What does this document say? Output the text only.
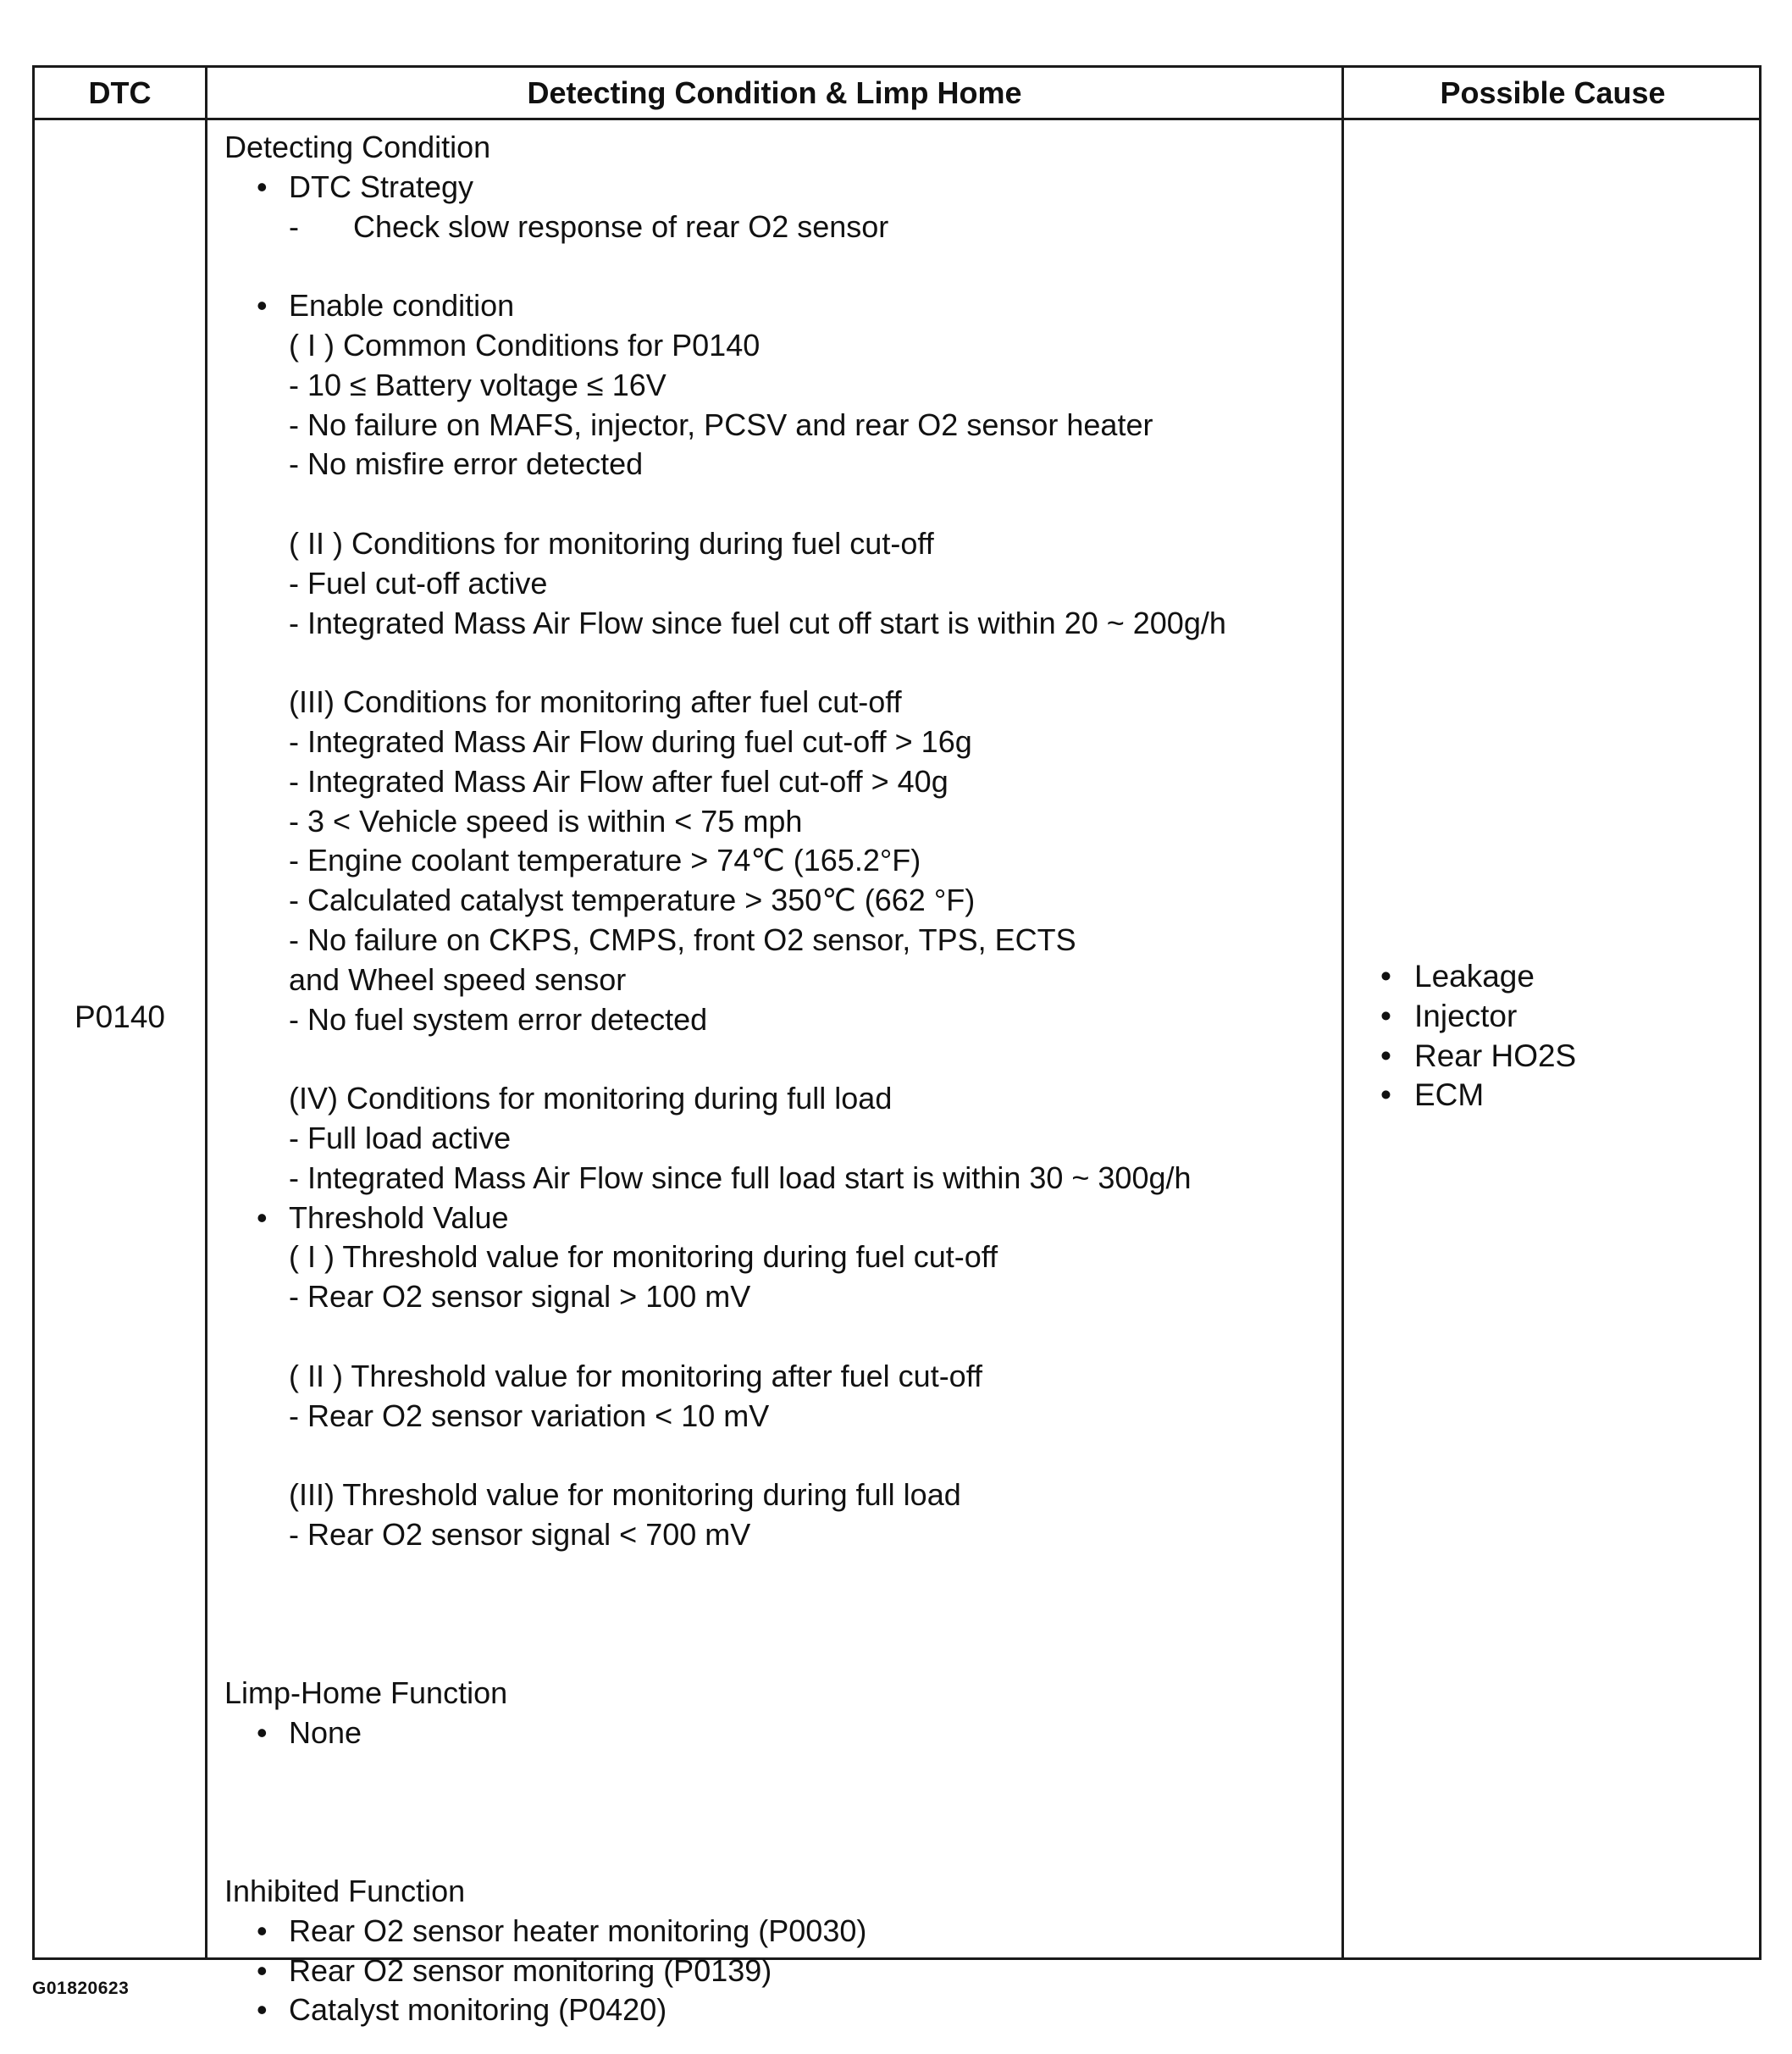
DTC	Detecting Condition & Limp Home	Possible Cause
P0140
Detecting Condition
• DTC Strategy
- Check slow response of rear O2 sensor
• Enable condition
( I ) Common Conditions for P0140
- 10 ≤ Battery voltage ≤ 16V
- No failure on MAFS, injector, PCSV and rear O2 sensor heater
- No misfire error detected
( II ) Conditions for monitoring during fuel cut-off
- Fuel cut-off active
- Integrated Mass Air Flow since fuel cut off start is within 20 ~ 200g/h
(III) Conditions for monitoring after fuel cut-off
- Integrated Mass Air Flow during fuel cut-off > 16g
- Integrated Mass Air Flow after fuel cut-off > 40g
- 3 < Vehicle speed is within < 75 mph
- Engine coolant temperature > 74℃ (165.2°F)
- Calculated catalyst temperature > 350℃ (662 °F)
- No failure on CKPS, CMPS, front O2 sensor, TPS, ECTS
and Wheel speed sensor
- No fuel system error detected
(IV) Conditions for monitoring during full load
- Full load active
- Integrated Mass Air Flow since full load start is within 30 ~ 300g/h
• Threshold Value
( I ) Threshold value for monitoring during fuel cut-off
- Rear O2 sensor signal > 100 mV
( II ) Threshold value for monitoring after fuel cut-off
- Rear O2 sensor variation < 10 mV
(III) Threshold value for monitoring during full load
- Rear O2 sensor signal < 700 mV
Limp-Home Function
• None
Inhibited Function
• Rear O2 sensor heater monitoring (P0030)
• Rear O2 sensor monitoring (P0139)
• Catalyst monitoring (P0420)
• Leakage
• Injector
• Rear HO2S
• ECM
G01820623
